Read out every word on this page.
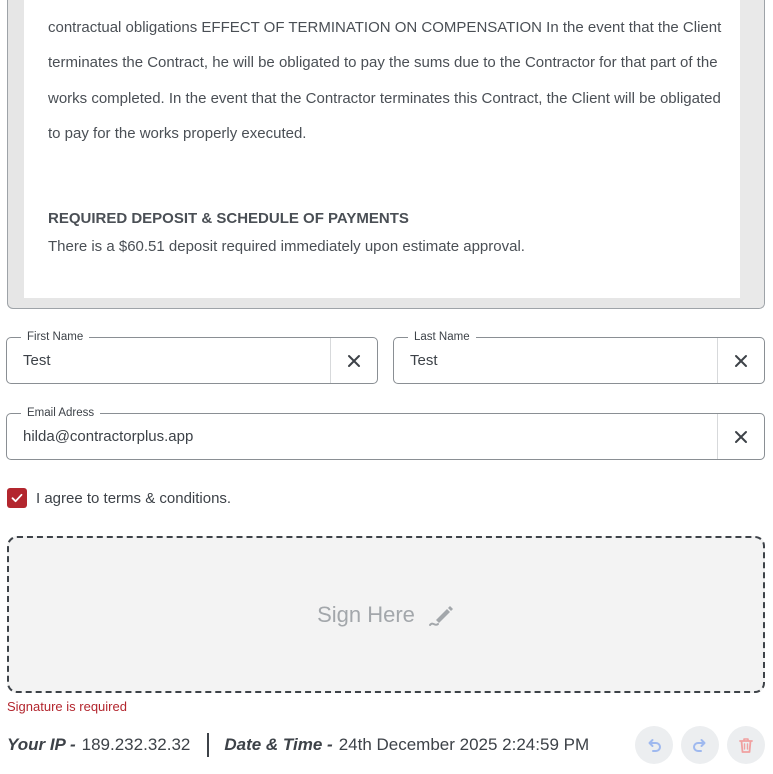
contractual obligations EFFECT OF TERMINATION ON COMPENSATION In the event that the Client terminates the Contract, he will be obligated to pay the sums due to the Contractor for that part of the works completed. In the event that the Contractor terminates this Contract, the Client will be obligated to pay for the works properly executed.
REQUIRED DEPOSIT & SCHEDULE OF PAYMENTS
There is a $60.51 deposit required immediately upon estimate approval.
First Name
Test	Last Name
Test
Email Adress
hilda@contractorplus.app
I agree to terms & conditions.
Sign Here
Signature is required
Your IP - 189.232.32.32 Date & Time - 24th December 2025 2:24:59 PM
